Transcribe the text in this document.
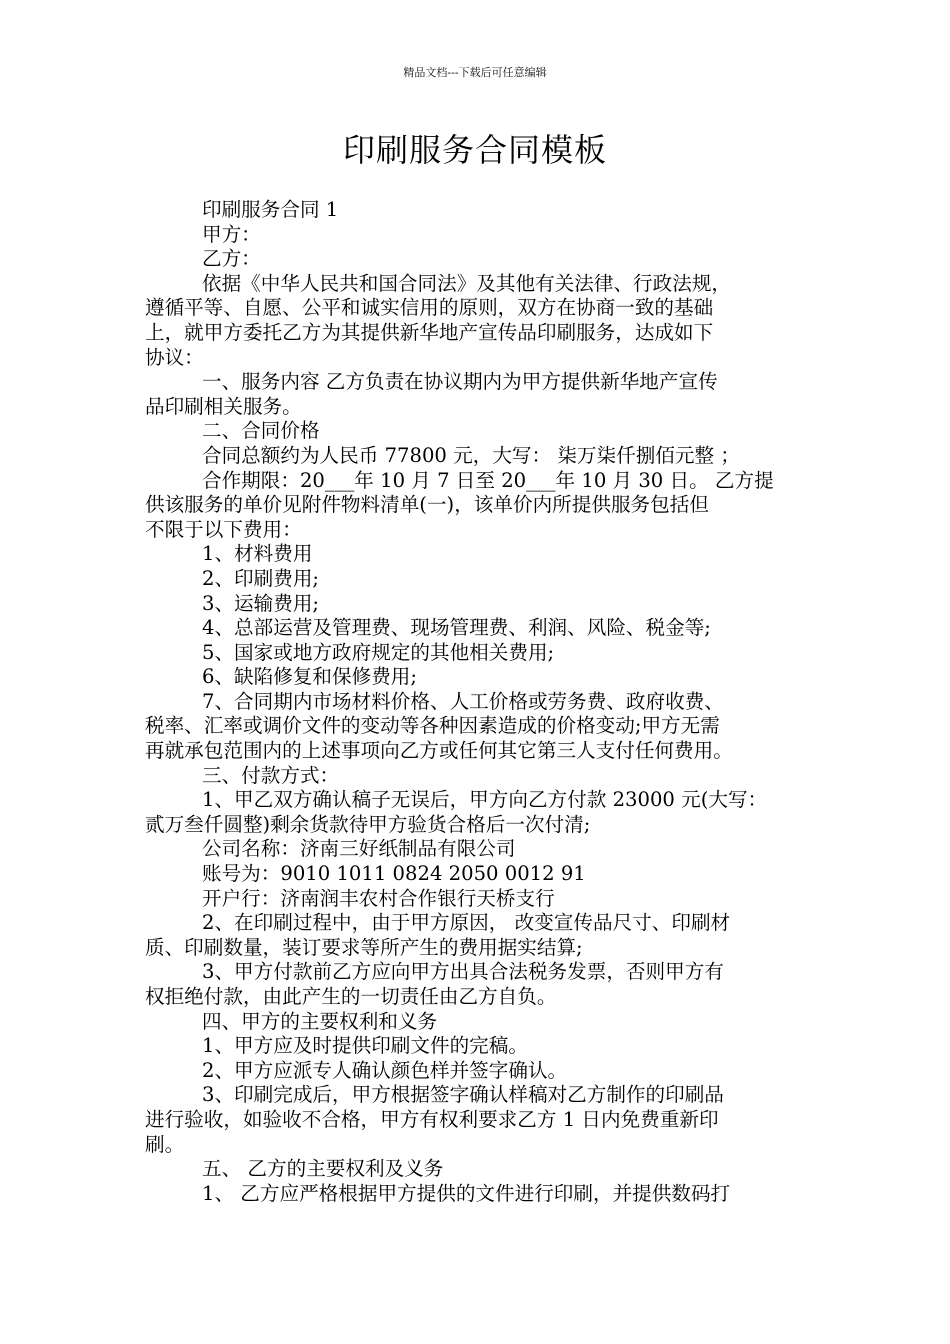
精品文档---下载后可任意编辑
印刷服务合同模板

印刷服务合同 1

甲方：

乙方：

依据《中华人民共和国合同法》及其他有关法律、行政法规，

遵循平等、自愿、公平和诚实信用的原则，双方在协商一致的基础

上，就甲方委托乙方为其提供新华地产宣传品印刷服务，达成如下

协议：

一、服务内容 乙方负责在协议期内为甲方提供新华地产宣传

品印刷相关服务。

二、合同价格

合同总额约为人民币 77800 元，大写： 柒万柒仟捌佰元整 ；

合作期限：20___年 10 月 7 日至 20___年 10 月 30 日。 乙方提

供该服务的单价见附件物料清单(一)，该单价内所提供服务包括但

不限于以下费用：

1、材料费用

2、印刷费用;

3、运输费用;

4、总部运营及管理费、现场管理费、利润、风险、税金等;

5、国家或地方政府规定的其他相关费用;

6、缺陷修复和保修费用;

7、合同期内市场材料价格、人工价格或劳务费、政府收费、

税率、汇率或调价文件的变动等各种因素造成的价格变动;甲方无需

再就承包范围内的上述事项向乙方或任何其它第三人支付任何费用。

三、付款方式：

1、甲乙双方确认稿子无误后，甲方向乙方付款 23000 元(大写：

贰万叁仟圆整)剩余货款待甲方验货合格后一次付清;

公司名称：济南三好纸制品有限公司

账号为：9010 1011 0824 2050 0012 91

开户行：济南润丰农村合作银行天桥支行

2、在印刷过程中，由于甲方原因， 改变宣传品尺寸、印刷材

质、印刷数量，装订要求等所产生的费用据实结算;

3、甲方付款前乙方应向甲方出具合法税务发票，否则甲方有

权拒绝付款，由此产生的一切责任由乙方自负。

四、甲方的主要权利和义务

1、甲方应及时提供印刷文件的完稿。

2、甲方应派专人确认颜色样并签字确认。

3、印刷完成后，甲方根据签字确认样稿对乙方制作的印刷品

进行验收，如验收不合格，甲方有权利要求乙方 1 日内免费重新印

刷。

五、 乙方的主要权利及义务

1、 乙方应严格根据甲方提供的文件进行印刷，并提供数码打
